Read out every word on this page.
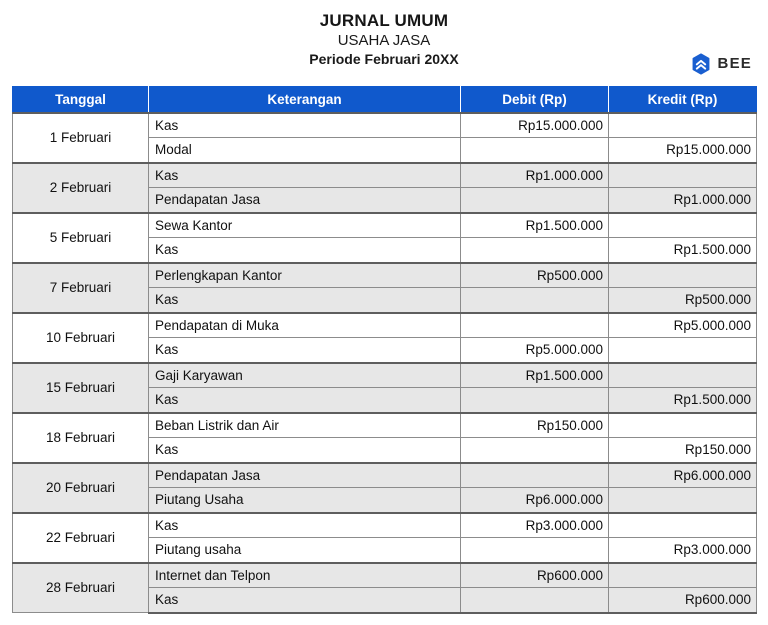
JURNAL UMUM
USAHA JASA
Periode Februari 20XX	BEE
Tanggal	Keterangan	Debit (Rp)	Kredit (Rp)
1 Februari	Kas	Rp15.000.000	
	Modal		Rp15.000.000
2 Februari	Kas	Rp1.000.000	
	Pendapatan Jasa		Rp1.000.000
5 Februari	Sewa Kantor	Rp1.500.000	
	Kas		Rp1.500.000
7 Februari	Perlengkapan Kantor	Rp500.000	
	Kas		Rp500.000
10 Februari	Pendapatan di Muka		Rp5.000.000
	Kas	Rp5.000.000	
15 Februari	Gaji Karyawan	Rp1.500.000	
	Kas		Rp1.500.000
18 Februari	Beban Listrik dan Air	Rp150.000	
	Kas		Rp150.000
20 Februari	Pendapatan Jasa		Rp6.000.000
	Piutang Usaha	Rp6.000.000	
22 Februari	Kas	Rp3.000.000	
	Piutang usaha		Rp3.000.000
28 Februari	Internet dan Telpon	Rp600.000	
	Kas		Rp600.000
